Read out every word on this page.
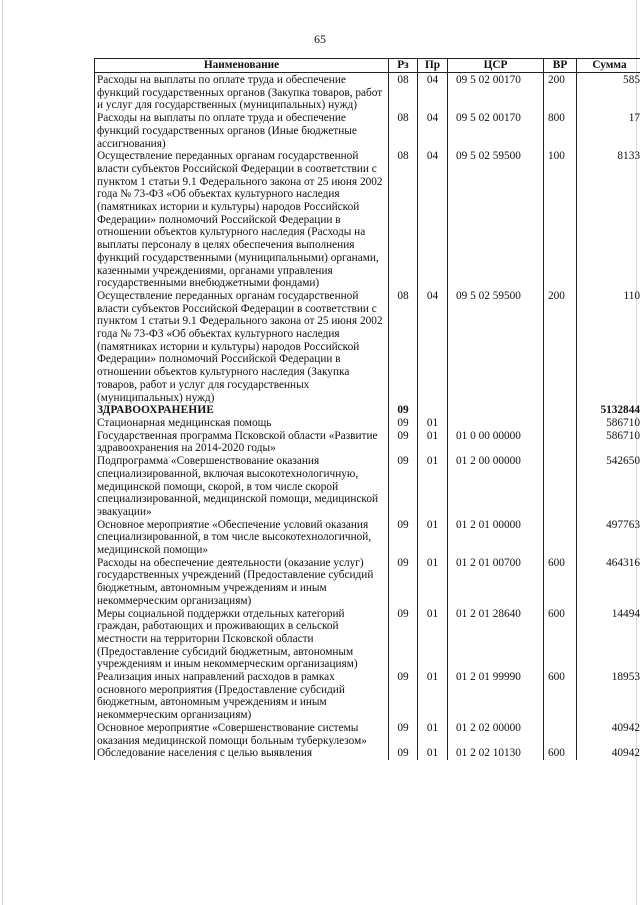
65
Наименование	Рз	Пр	ЦСР	ВР	Сумма
Расходы на выплаты по оплате труда и обеспечение функций государственных органов (Закупка товаров, работ и услуг для государственных (муниципальных) нужд)	08	04	09 5 02 00170	200	585
Расходы на выплаты по оплате труда и обеспечение функций государственных органов (Иные бюджетные ассигнования)	08	04	09 5 02 00170	800	17
Осуществление переданных органам государственной власти субъектов Российской Федерации в соответствии с пунктом 1 статьи 9.1 Федерального закона от 25 июня 2002 года № 73-ФЗ «Об объектах культурного наследия (памятниках истории и культуры) народов Российской Федерации» полномочий Российской Федерации в отношении объектов культурного наследия (Расходы на выплаты персоналу в целях обеспечения выполнения функций государственными (муниципальными) органами, казенными учреждениями, органами управления государственными внебюджетными фондами)	08	04	09 5 02 59500	100	8133
Осуществление переданных органам государственной власти субъектов Российской Федерации в соответствии с пунктом 1 статьи 9.1 Федерального закона от 25 июня 2002 года № 73-ФЗ «Об объектах культурного наследия (памятниках истории и культуры) народов Российской Федерации» полномочий Российской Федерации в отношении объектов культурного наследия (Закупка товаров, работ и услуг для государственных (муниципальных) нужд)	08	04	09 5 02 59500	200	110
ЗДРАВООХРАНЕНИЕ	09				5132844
Стационарная медицинская помощь	09	01			586710
Государственная программа Псковской области «Развитие здравоохранения на 2014-2020 годы»	09	01	01 0 00 00000		586710
Подпрограмма «Совершенствование оказания специализированной, включая высокотехнологичную, медицинской помощи, скорой, в том числе скорой специализированной, медицинской помощи, медицинской эвакуации»	09	01	01 2 00 00000		542650
Основное мероприятие «Обеспечение условий оказания специализированной, в том числе высокотехнологичной, медицинской помощи»	09	01	01 2 01 00000		497763
Расходы на обеспечение деятельности (оказание услуг) государственных учреждений (Предоставление субсидий бюджетным, автономным учреждениям и иным некоммерческим организациям)	09	01	01 2 01 00700	600	464316
Меры социальной поддержки отдельных категорий граждан, работающих и проживающих в сельской местности на территории Псковской области (Предоставление субсидий бюджетным, автономным учреждениям и иным некоммерческим организациям)	09	01	01 2 01 28640	600	14494
Реализация иных направлений расходов в рамках основного мероприятия (Предоставление субсидий бюджетным, автономным учреждениям и иным некоммерческим организациям)	09	01	01 2 01 99990	600	18953
Основное мероприятие «Совершенствование системы оказания медицинской помощи больным туберкулезом»	09	01	01 2 02 00000		40942
Обследование населения с целью выявления	09	01	01 2 02 10130	600	40942
